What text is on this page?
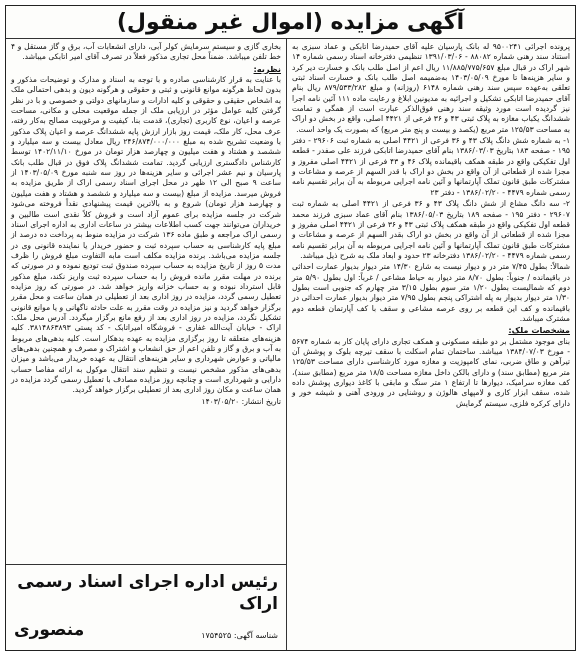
آگهی مزایده (اموال غیر منقول)

پرونده اجرائی ۹۵۰۰۲۴۱ له بانک پارسیان علیه آقای حمیدرضا اتابکی و عماد سبزی به استناد سند رهنی شماره ۸۸۰۸۲ - ۱۳۹۱/۰۳/۰۶ تنظیمی دفترخانه اسناد رسمی شماره ۱۴ شهر اراک در قبال مبلغ ۱۱/۸۸۵/۷۷۵/۶۵۷ ریال اعم از اصل طلب بانک و خسارت دیر کرد و سایر هزینه‌ها تا مورخ ۱۴۰۳/۰۵/۰۹ به‌ضمیمه اصل طلب بانک و خسارت اسناد ثبتی تعلقی به‌عهده سپس سند رهنی شماره ۶۱۴۸ (روزانه) و مبلغ ۸۷۹/۵۳۳/۲۸۲ ریال بنام آقای حمیدرضا اتابکی تشکیل و اجرائیه به مدیونین ابلاغ و رعایت ماده ۱۱۱ آئین نامه اجرا نیز گردیده است مورد وثیقه سند رهنی فوق‌الذکر عبارت است از همگی و تمامت ششدانگ یکباب مغازه به پلاک ثبتی ۴۳ و ۳۶ فرعی از ۴۴۲۱ اصلی، واقع در بخش دو اراک به مساحت ۱۲۵/۵۳ متر مربع (یکصد و بیست و پنج متر مربع) که بصورت یک واحد است.

۱- به شماره شش دانگ پلاک ۴۳ و ۳۶ فرعی از ۴۴۲۱ اصلی به شماره ثبت ۲۹۶۰۶ - دفتر ۱۹۵ - صفحه ۱۸۳ بتاریخ ۱۳۸۶/۰۳/۰۳ بنام آقای حمیدرضا اتابکی فرزند علی صفدر - قطعه اول تفکیکی واقع در طبقه همکف باقیمانده پلاک ۴۶ و ۴۳ فرعی از ۴۴۲۱ اصلی مفروز و مجزا شده از قطعاتی از آن واقع در بخش دو اراک با قدر السهم از عرصه و مشاعات و مشترکات طبق قانون تملک آپارتمانها و آئین نامه اجرایی مربوطه به آن برابر تقسیم نامه رسمی شماره ۴۴۷۹ - ۱۳۸۶/۰۲/۲۰ - دفتر ۲۳

۲- سه دانگ مشاع از شش دانگ پلاک ۴۳ و ۳۶ فرعی از ۴۴۲۱ اصلی به شماره ثبت ۲۹۶۰۷ - دفتر ۱۹۵ - صفحه ۱۸۹ بتاریخ ۱۳۸۶/۰۵/۰۳ بنام آقای عماد سبزی فرزند محمد قطعه اول تفکیکی واقع در طبقه همکف پلاک ثبتی ۴۳ و ۳۶ فرعی از ۴۴۲۱ اصلی مفروز و مجزا شده از قطعاتی از آن واقع در بخش دو اراک بقدر السهم از عرصه و مشاعات و مشترکات طبق قانون تملک آپارتمانها و آئین نامه اجرایی مربوطه به آن برابر تقسیم نامه رسمی شماره ۴۴۷۹ - ۱۳۸۶/۰۲/۲۰ دفترخانه ۲۳ حدود و ابعاد ملک به شرح ذیل میباشد.

شمالاً: بطول ۷/۴۵ متر در و دیوار نیست به شارع ۱۴/۳۰ متر دیوار بدیوار عمارت احداثی در باقیمانده / جنوباً: بطول ۸/۷۰ متر دیوار به حیاط مشاعی / غرباً: اول بطول ۵/۹۰ متر دوم که شمالیست بطول ۱/۲۰ متر سوم بطول ۳/۱۵ متر چهارم که جنوبی است بطول ۱/۳۰ متر دیوار بدیوار به پله اشتراکی پنجم بطول ۷/۹۵ متر دیوار بدیوار عمارت احداثی در باقیمانده و کف این قطعه بر روی عرصه مشاعی و سقف با کف آپارتمان قطعه دوم مشترک میباشد.

مشخصات ملک:

بنای موجود مشتمل بر دو طبقه مسکونی و همکف تجاری دارای پایان کار به شماره ۵۶۷۴ - مورخ ۱۳۸۴/۰۷/۰۳ میباشد. ساختمان تمام اسکلت با سقف تیرچه بلوک و پوشش آن تیرآهن و طاق ضربی، نمای کامپوزیت و مغازه مورد کارشناسی دارای مساحت ۱۲۵/۵۳ متر مربع (مطابق سند) و دارای بالکن داخل مغازه مساحت ۱۸/۵ متر مربع (مطابق سند)، کف مغازه سرامیک، دیوارها تا ارتفاع ۱ متر سنگ و مابقی با کاغذ دیواری پوشش داده شده، سقف ابزار کاری و لامپهای هالوژن و روشنایی در ورودی آهنی و شیشه خور و دارای کرکره فلزی، سیستم گرمایش

بخاری گازی و سیستم سرمایش کولر آبی، دارای انشعابات آب، برق و گاز مستقل و ۴ خط تلفن میباشد. ضمناً محل تجاری مذکور فعلاً در تصرف آقای امیر اتابکی میباشد.

نظریه:

با عنایت به قرار کارشناسی صادره و با توجه به اسناد و مدارک و توضیحات مذکور و بدون لحاظ هرگونه موانع قانونی و ثبتی و حقوقی و هرگونه دیون و بدهی احتمالی ملک به اشخاص حقیقی و حقوقی و کلیه ادارات و سازمانهای دولتی و خصوصی و با در نظر گرفتن کلیه عوامل مؤثر در ارزیابی ملک از جمله موقعیت محلی و مکانی، مساحت عرصه و اعیان، نوع کاربری (تجاری)، قدمت بنا، کیفیت و مرغوبیت مصالح به‌کار رفته، عرف محل، کار ملک، قیمت روز بازار ارزش پایه ششدانگ عرصه و اعیان پلاک مذکور با وضعیت تشریح شده به مبلغ ۲۴۶/۸۷۴/۰۰۰/۰۰۰ ریال معادل بیست و سه میلیارد و ششصد و هشتاد و هفت میلیون و چهارصد هزار تومان در مورخ ۱۴۰۲/۱۱/۱۰ توسط کارشناس دادگستری ارزیابی گردید. تمامت ششدانگ پلاک فوق در قبال طلب بانک پارسیان و نیم عشر اجرائی و سایر هزینه‌ها در روز سه شنبه مورخ ۱۴۰۳/۰۵/۰۹ از ساعت ۹ صبح الی ۱۲ ظهر در محل اجرای اسناد رسمی اراک از طریق مزایده به فروش میرسد. مزایده از مبلغ (بیست و سه میلیارد و ششصد و هشتاد و هفت میلیون و چهارصد هزار تومان) شروع و به بالاترین قیمت پیشنهادی نقداً فروخته می‌شود شرکت در جلسه مزایده برای عموم آزاد است و فروش کلاً نقدی است طالبین و خریداران می‌توانند جهت کسب اطلاعات بیشتر در ساعات اداری به اداره اجرای اسناد رسمی اراک مراجعه و طبق ماده ۱۳۶ شرکت در مزایده منوط به پرداخت ده درصد از مبلغ پایه کارشناسی به حساب سپرده ثبت و حضور خریدار یا نماینده قانونی وی در جلسه مزایده می‌باشد. برنده مزایده مکلف است مابه التفاوت مبلغ فروش را ظرف مدت ۵ روز از تاریخ مزایده به حساب سپرده صندوق ثبت تودیع نموده و در صورتی که برنده در مهلت مقرر مانده فروش را به حساب سپرده ثبت واریز نکند، مبلغ مذکور قابل استرداد نبوده و به حساب خزانه واریز خواهد شد. در صورتی که روز مزایده تعطیل رسمی گردد، مزایده در روز اداری بعد از تعطیلی در همان ساعت و محل مقرر برگزار خواهد گردید و نیز مزایده در وقت مقرر به علت حادثه ناگهانی و یا موانع قانونی تشکیل نگردد، مزایده در روز اداری بعد از رفع مانع برگزار میگردد. آدرس محل ملک: اراک - خیابان آیت‌الله غفاری - فروشگاه امیراتابک - کد پستی ۳۸۱۴۸۶۳۸۹۳. کلیه هزینه‌های متعلقه تا روز برگزاری مزایده به عهده بدهکار است. کلیه بدهی‌های مربوط به آب و برق و گاز و تلفن اعم از حق انشعاب و اشتراک و مصرف و همچنین بدهی‌های مالیاتی و عوارض شهرداری و سایر هزینه‌های انتقال به عهده خریدار می‌باشد و میزان بدهی‌های مذکور مشخص نیست و تنظیم سند انتقال موکول به ارائه مفاصا حساب دارایی و شهرداری است و چنانچه روز مزایده مصادف با تعطیل رسمی گردد مزایده در همان ساعت و مکان روز اداری بعد از تعطیلی برگزار خواهد گردید.

تاریخ انتشار: ۱۴۰۳/۰۵/۲۰

رئیس اداره اجرای اسناد رسمی اراک
منصوری	شناسه آگهی: ۱۷۵۴۵۲۵
